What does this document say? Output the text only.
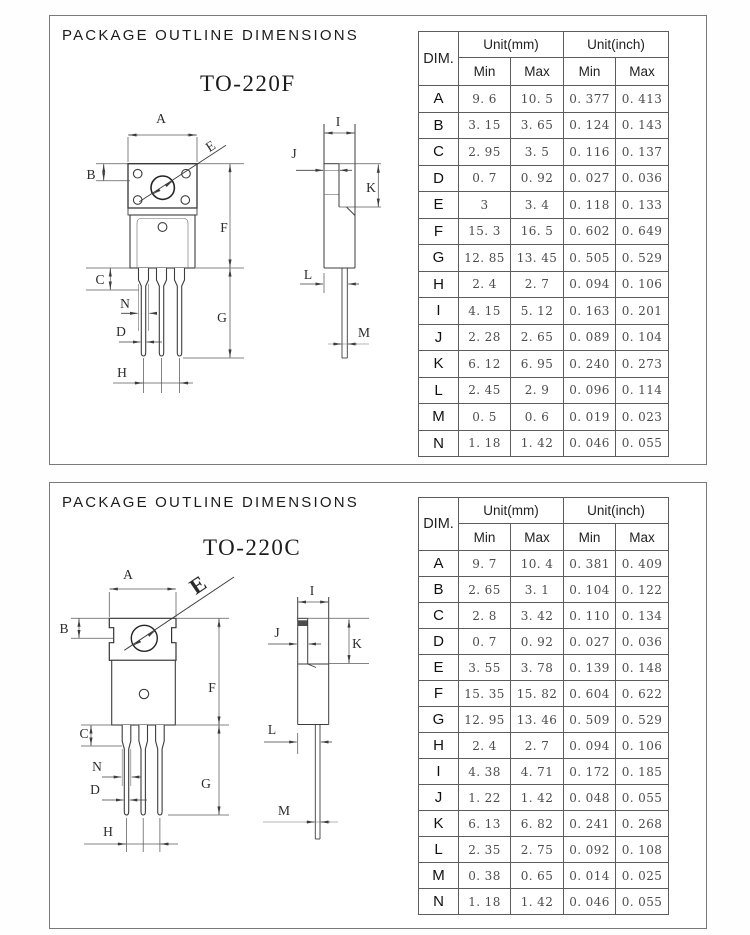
PACKAGE OUTLINE DIMENSIONS
TO-220F
A
E
B
F
G
C
N
D
H
I
J
K
L
M
DIM.	Unit(mm)		Unit(inch)	
	Min	Max	Min	Max
A	9. 6	10. 5	0. 377	0. 413
B	3. 15	3. 65	0. 124	0. 143
C	2. 95	3. 5	0. 116	0. 137
D	0. 7	0. 92	0. 027	0. 036
E	3	3. 4	0. 118	0. 133
F	15. 3	16. 5	0. 602	0. 649
G	12. 85	13. 45	0. 505	0. 529
H	2. 4	2. 7	0. 094	0. 106
I	4. 15	5. 12	0. 163	0. 201
J	2. 28	2. 65	0. 089	0. 104
K	6. 12	6. 95	0. 240	0. 273
L	2. 45	2. 9	0. 096	0. 114
M	0. 5	0. 6	0. 019	0. 023
N	1. 18	1. 42	0. 046	0. 055
PACKAGE OUTLINE DIMENSIONS
TO-220C
A E
B
F
G
C
N
D
H
I
J
K
L
M
DIM.	Unit(mm)		Unit(inch)	
	Min	Max	Min	Max
A	9. 7	10. 4	0. 381	0. 409
B	2. 65	3. 1	0. 104	0. 122
C	2. 8	3. 42	0. 110	0. 134
D	0. 7	0. 92	0. 027	0. 036
E	3. 55	3. 78	0. 139	0. 148
F	15. 35	15. 82	0. 604	0. 622
G	12. 95	13. 46	0. 509	0. 529
H	2. 4	2. 7	0. 094	0. 106
I	4. 38	4. 71	0. 172	0. 185
J	1. 22	1. 42	0. 048	0. 055
K	6. 13	6. 82	0. 241	0. 268
L	2. 35	2. 75	0. 092	0. 108
M	0. 38	0. 65	0. 014	0. 025
N	1. 18	1. 42	0. 046	0. 055
